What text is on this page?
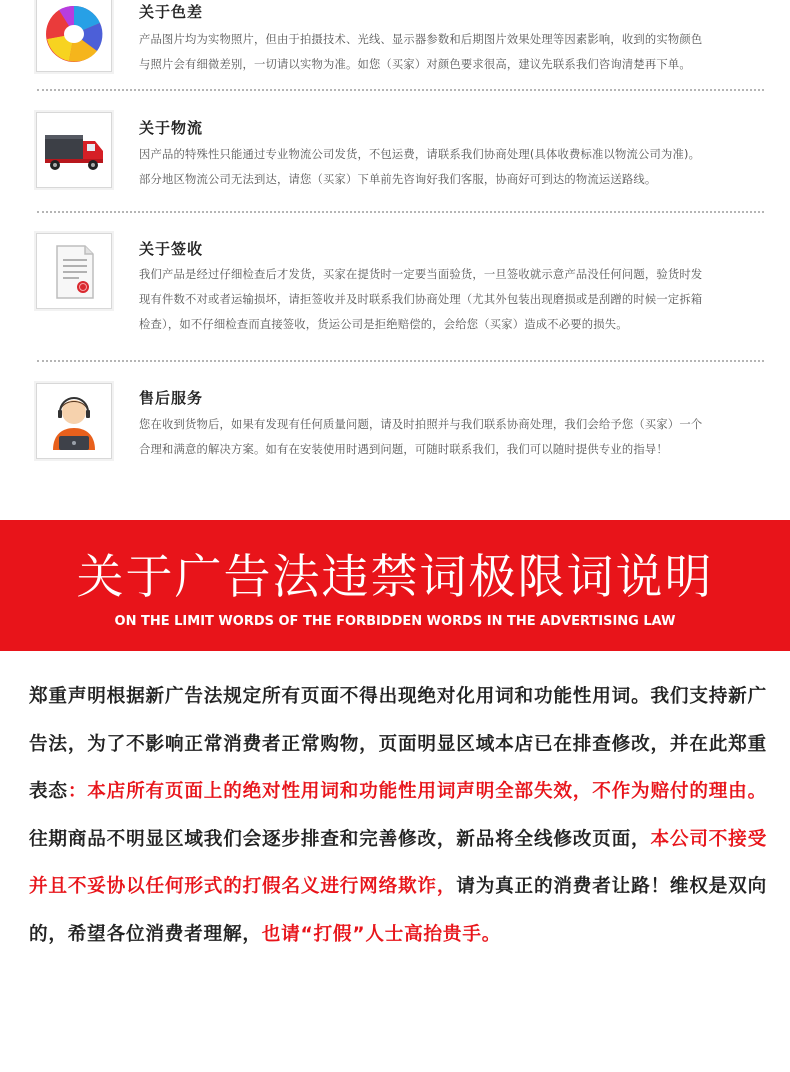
关于色差
产品图片均为实物照片，但由于拍摄技术、光线、显示器参数和后期图片效果处理等因素影响，收到的实物颜色
与照片会有细微差别，一切请以实物为准。如您（买家）对颜色要求很高，建议先联系我们咨询清楚再下单。
关于物流
因产品的特殊性只能通过专业物流公司发货，不包运费，请联系我们协商处理(具体收费标准以物流公司为准)。
部分地区物流公司无法到达，请您（买家）下单前先咨询好我们客服，协商好可到达的物流运送路线。
关于签收
我们产品是经过仔细检查后才发货，买家在提货时一定要当面验货，一旦签收就示意产品没任何问题，验货时发
现有件数不对或者运输损坏，请拒签收并及时联系我们协商处理（尤其外包装出现磨损或是刮蹭的时候一定拆箱
检查），如不仔细检查而直接签收，货运公司是拒绝赔偿的，会给您（买家）造成不必要的损失。
售后服务
您在收到货物后，如果有发现有任何质量问题，请及时拍照并与我们联系协商处理，我们会给予您（买家）一个
合理和满意的解决方案。如有在安装使用时遇到问题，可随时联系我们，我们可以随时提供专业的指导！
关于广告法违禁词极限词说明
ON THE LIMIT WORDS OF THE FORBIDDEN WORDS IN THE ADVERTISING LAW
郑重声明根据新广告法规定所有页面不得出现绝对化用词和功能性用词。我们支持新广告法，为了不影响正常消费者正常购物，页面明显区域本店已在排查修改，并在此郑重表态：本店所有页面上的绝对性用词和功能性用词声明全部失效，不作为赔付的理由。往期商品不明显区域我们会逐步排查和完善修改，新品将全线修改页面，本公司不接受并且不妥协以任何形式的打假名义进行网络欺诈，请为真正的消费者让路！维权是双向的，希望各位消费者理解，也请“打假”人士高抬贵手。
